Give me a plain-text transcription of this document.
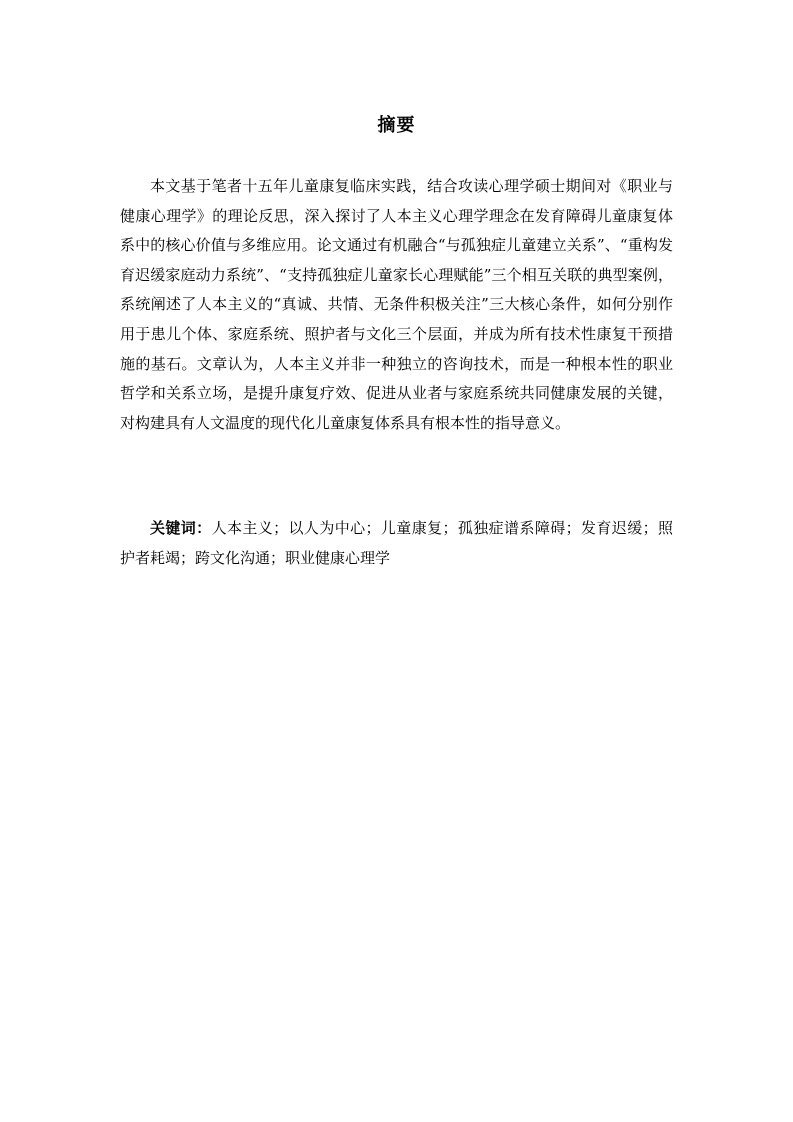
摘要

本文基于笔者十五年儿童康复临床实践，结合攻读心理学硕士期间对《职业与健康心理学》的理论反思，深入探讨了人本主义心理学理念在发育障碍儿童康复体系中的核心价值与多维应用。论文通过有机融合“与孤独症儿童建立关系”、“重构发育迟缓家庭动力系统”、“支持孤独症儿童家长心理赋能”三个相互关联的典型案例，系统阐述了人本主义的“真诚、共情、无条件积极关注”三大核心条件，如何分别作用于患儿个体、家庭系统、照护者与文化三个层面，并成为所有技术性康复干预措施的基石。文章认为，人本主义并非一种独立的咨询技术，而是一种根本性的职业哲学和关系立场，是提升康复疗效、促进从业者与家庭系统共同健康发展的关键，对构建具有人文温度的现代化儿童康复体系具有根本性的指导意义。

关键词：人本主义；以人为中心；儿童康复；孤独症谱系障碍；发育迟缓；照护者耗竭；跨文化沟通；职业健康心理学
